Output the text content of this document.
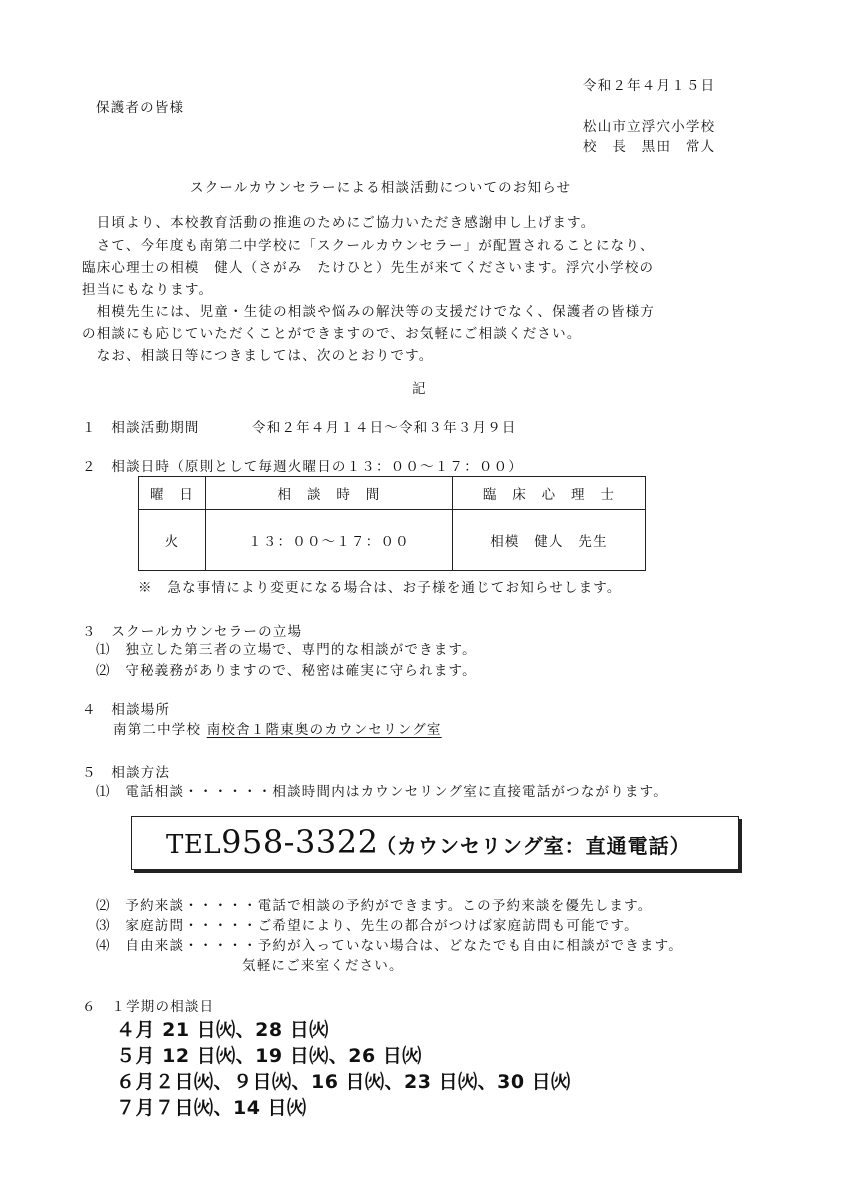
令和２年４月１５日
保護者の皆様
松山市立浮穴小学校
校　長　黒田　常人
スクールカウンセラーによる相談活動についてのお知らせ
　日頃より、本校教育活動の推進のためにご協力いただき感謝申し上げます。
　さて、今年度も南第二中学校に「スクールカウンセラー」が配置されることになり、
臨床心理士の相模　健人（さがみ　たけひと）先生が来てくださいます。浮穴小学校の
担当にもなります。
　相模先生には、児童・生徒の相談や悩みの解決等の支援だけでなく、保護者の皆様方
の相談にも応じていただくことができますので、お気軽にご相談ください。
　なお、相談日等につきましては、次のとおりです。
記
１　相談活動期間	令和２年４月１４日～令和３年３月９日
２　相談日時（原則として毎週火曜日の１３：００～１７：００）
曜　日	相　談　時　間	臨　床　心　理　士
火	１３：００～１７：００	相模　健人　先生
※　急な事情により変更になる場合は、お子様を通じてお知らせします。
３　スクールカウンセラーの立場
⑴　独立した第三者の立場で、専門的な相談ができます。
⑵　守秘義務がありますので、秘密は確実に守られます。
４　相談場所
南第二中学校 南校舎１階東奥のカウンセリング室
５　相談方法
⑴　電話相談・・・・・・相談時間内はカウンセリング室に直接電話がつながります。
TEL958-3322
（カウンセリング室：直通電話）
⑵　予約来談・・・・・電話で相談の予約ができます。この予約来談を優先します。
⑶　家庭訪問・・・・・ご希望により、先生の都合がつけば家庭訪問も可能です。
⑷　自由来談・・・・・予約が入っていない場合は、どなたでも自由に相談ができます。
気軽にご来室ください。
６　１学期の相談日
４月 21 日㈫、28 日㈫
５月 12 日㈫、19 日㈫、26 日㈫
６月２日㈫、９日㈫、16 日㈫、23 日㈫、30 日㈫
７月７日㈫、14 日㈫
